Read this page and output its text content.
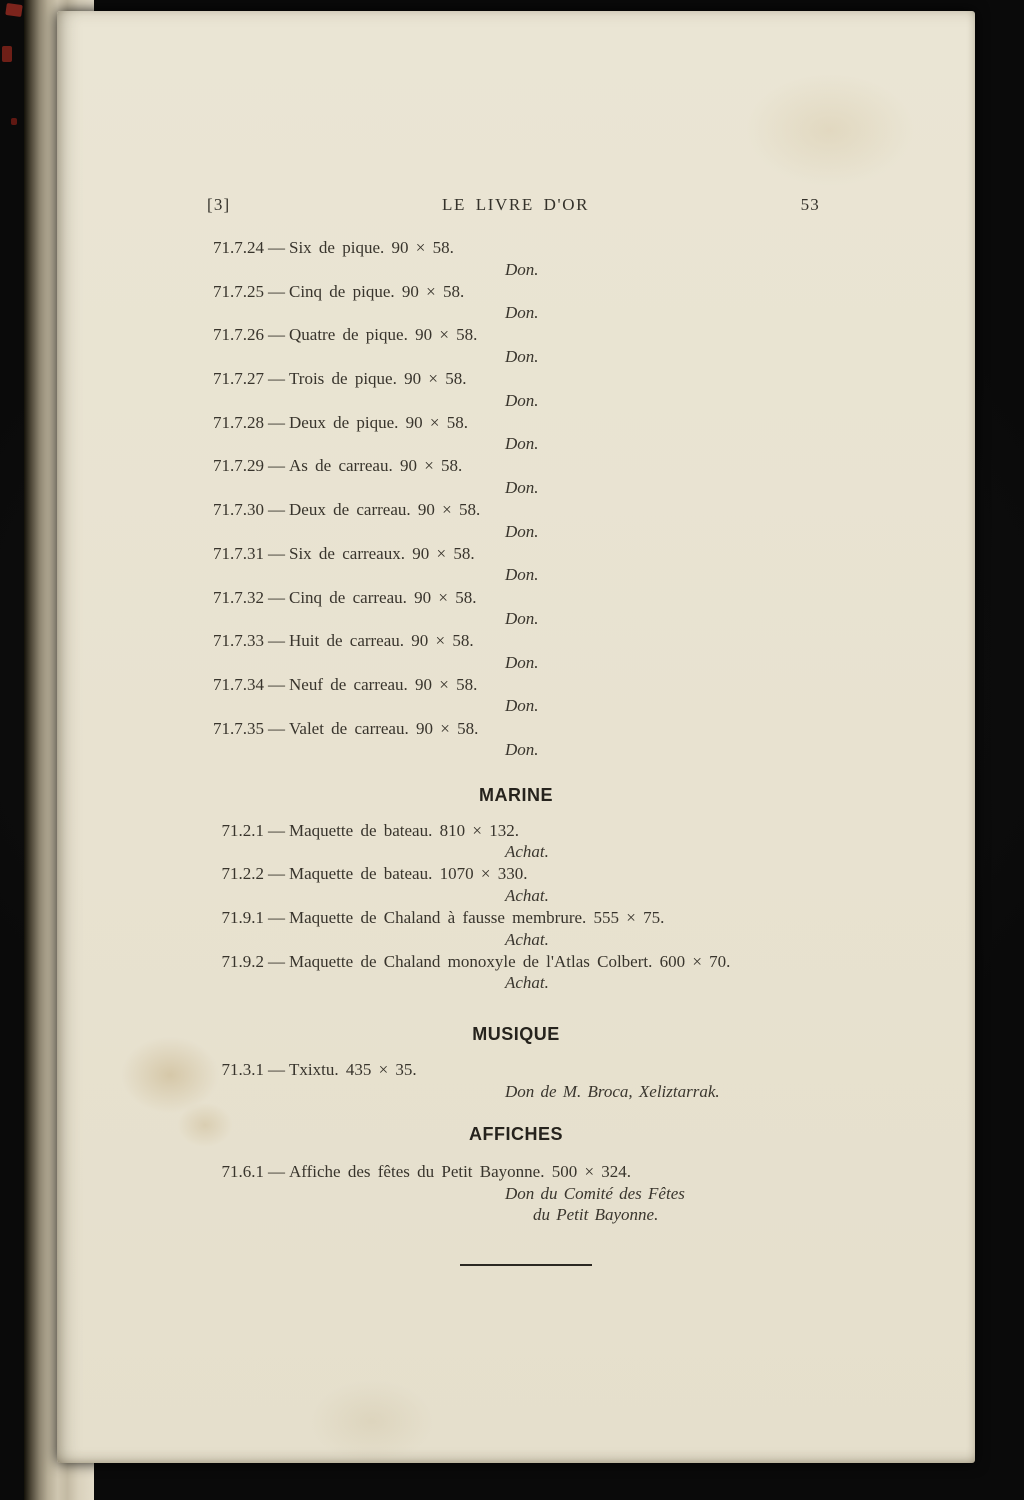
[3]	LE LIVRE D'OR	53
71.7.24 — Six de pique. 90 × 58.
Don.
71.7.25 — Cinq de pique. 90 × 58.
Don.
71.7.26 — Quatre de pique. 90 × 58.
Don.
71.7.27 — Trois de pique. 90 × 58.
Don.
71.7.28 — Deux de pique. 90 × 58.
Don.
71.7.29 — As de carreau. 90 × 58.
Don.
71.7.30 — Deux de carreau. 90 × 58.
Don.
71.7.31 — Six de carreaux. 90 × 58.
Don.
71.7.32 — Cinq de carreau. 90 × 58.
Don.
71.7.33 — Huit de carreau. 90 × 58.
Don.
71.7.34 — Neuf de carreau. 90 × 58.
Don.
71.7.35 — Valet de carreau. 90 × 58.
Don.
MARINE
71.2.1 — Maquette de bateau. 810 × 132.
Achat.
71.2.2 — Maquette de bateau. 1070 × 330.
Achat.
71.9.1 — Maquette de Chaland à fausse membrure. 555 × 75.
Achat.
71.9.2 — Maquette de Chaland monoxyle de l'Atlas Colbert. 600 × 70.
Achat.
MUSIQUE
71.3.1 — Txixtu. 435 × 35.
Don de M. Broca, Xeliztarrak.
AFFICHES
71.6.1 — Affiche des fêtes du Petit Bayonne. 500 × 324.
Don du Comité des Fêtes
du Petit Bayonne.
